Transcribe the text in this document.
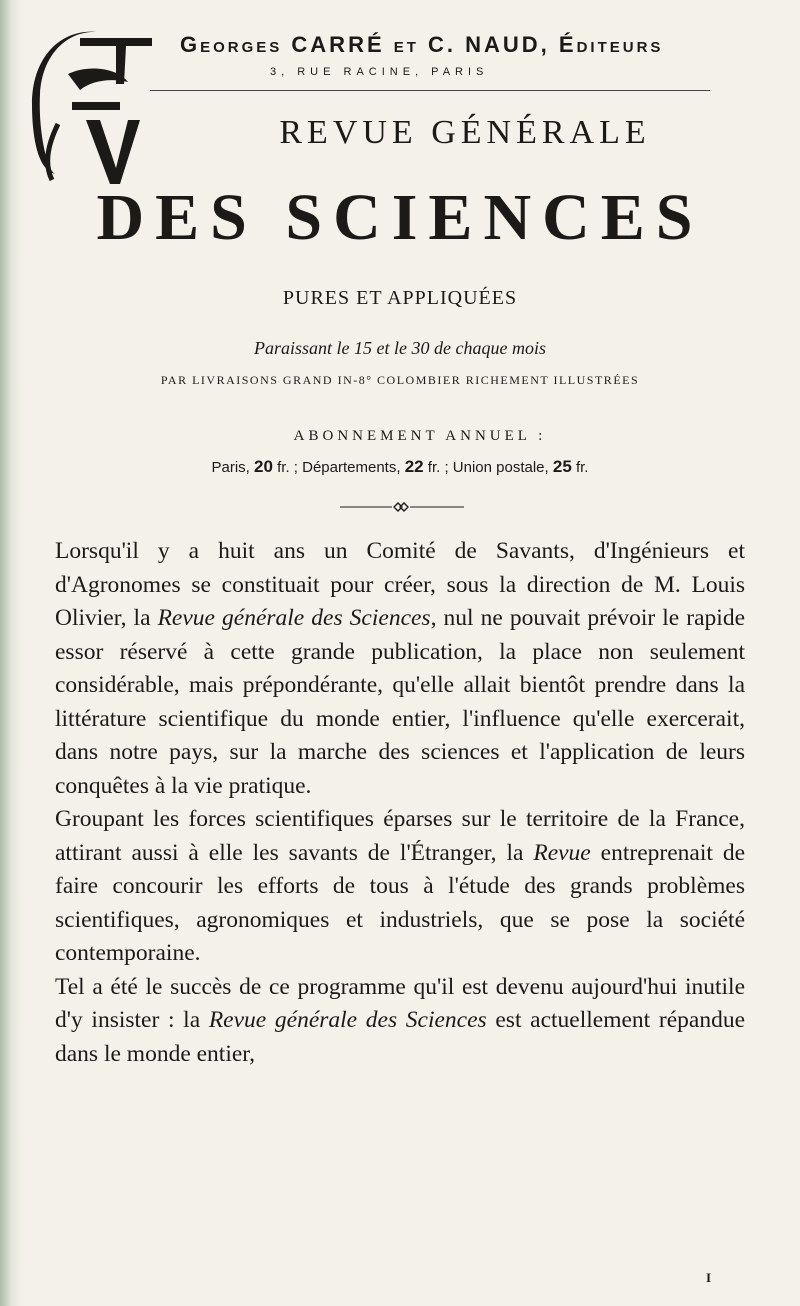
Georges CARRÉ et C. NAUD, Éditeurs
3, RUE RACINE, PARIS
REVUE GÉNÉRALE
DES SCIENCES
PURES ET APPLIQUÉES
Paraissant le 15 et le 30 de chaque mois
PAR LIVRAISONS GRAND IN-8° COLOMBIER RICHEMENT ILLUSTRÉES
ABONNEMENT ANNUEL :
Paris, 20 fr. ; Départements, 22 fr. ; Union postale, 25 fr.

Lorsqu'il y a huit ans un Comité de Savants, d'Ingénieurs et d'Agronomes se constituait pour créer, sous la direction de M. Louis Olivier, la Revue générale des Sciences, nul ne pouvait prévoir le rapide essor réservé à cette grande publication, la place non seulement considérable, mais prépondérante, qu'elle allait bientôt prendre dans la littérature scientifique du monde entier, l'influence qu'elle exercerait, dans notre pays, sur la marche des sciences et l'application de leurs conquêtes à la vie pratique.

Groupant les forces scientifiques éparses sur le territoire de la France, attirant aussi à elle les savants de l'Étranger, la Revue entreprenait de faire concourir les efforts de tous à l'étude des grands problèmes scientifiques, agronomiques et industriels, que se pose la société contemporaine.

Tel a été le succès de ce programme qu'il est devenu aujourd'hui inutile d'y insister : la Revue générale des Sciences est actuellement répandue dans le monde entier,

I
